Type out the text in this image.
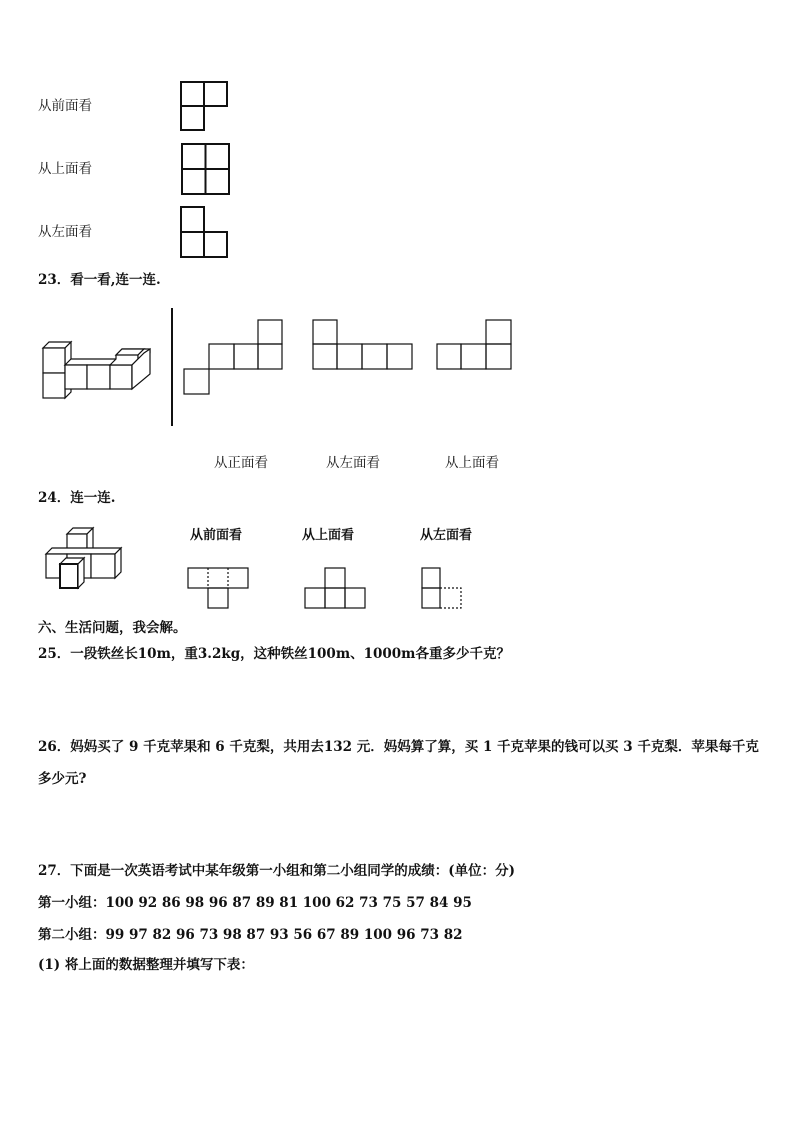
从前面看
从上面看
从左面看
23．看一看,连一连.
从正面看	从左面看	从上面看
24．连一连.
从前面看	从上面看	从左面看
六、生活问题，我会解。
25．一段铁丝长10m，重3.2kg，这种铁丝100m、1000m各重多少千克？
26．妈妈买了 9 千克苹果和 6 千克梨，共用去132 元．妈妈算了算，买 1 千克苹果的钱可以买 3 千克梨．苹果每千克
多少元?
27．下面是一次英语考试中某年级第一小组和第二小组同学的成绩：(单位：分)
第一小组：100 92 86 98 96 87 89 81 100 62 73 75 57 84 95
第二小组：99 97 82 96 73 98 87 93 56 67 89 100 96 73 82
(1) 将上面的数据整理并填写下表：
